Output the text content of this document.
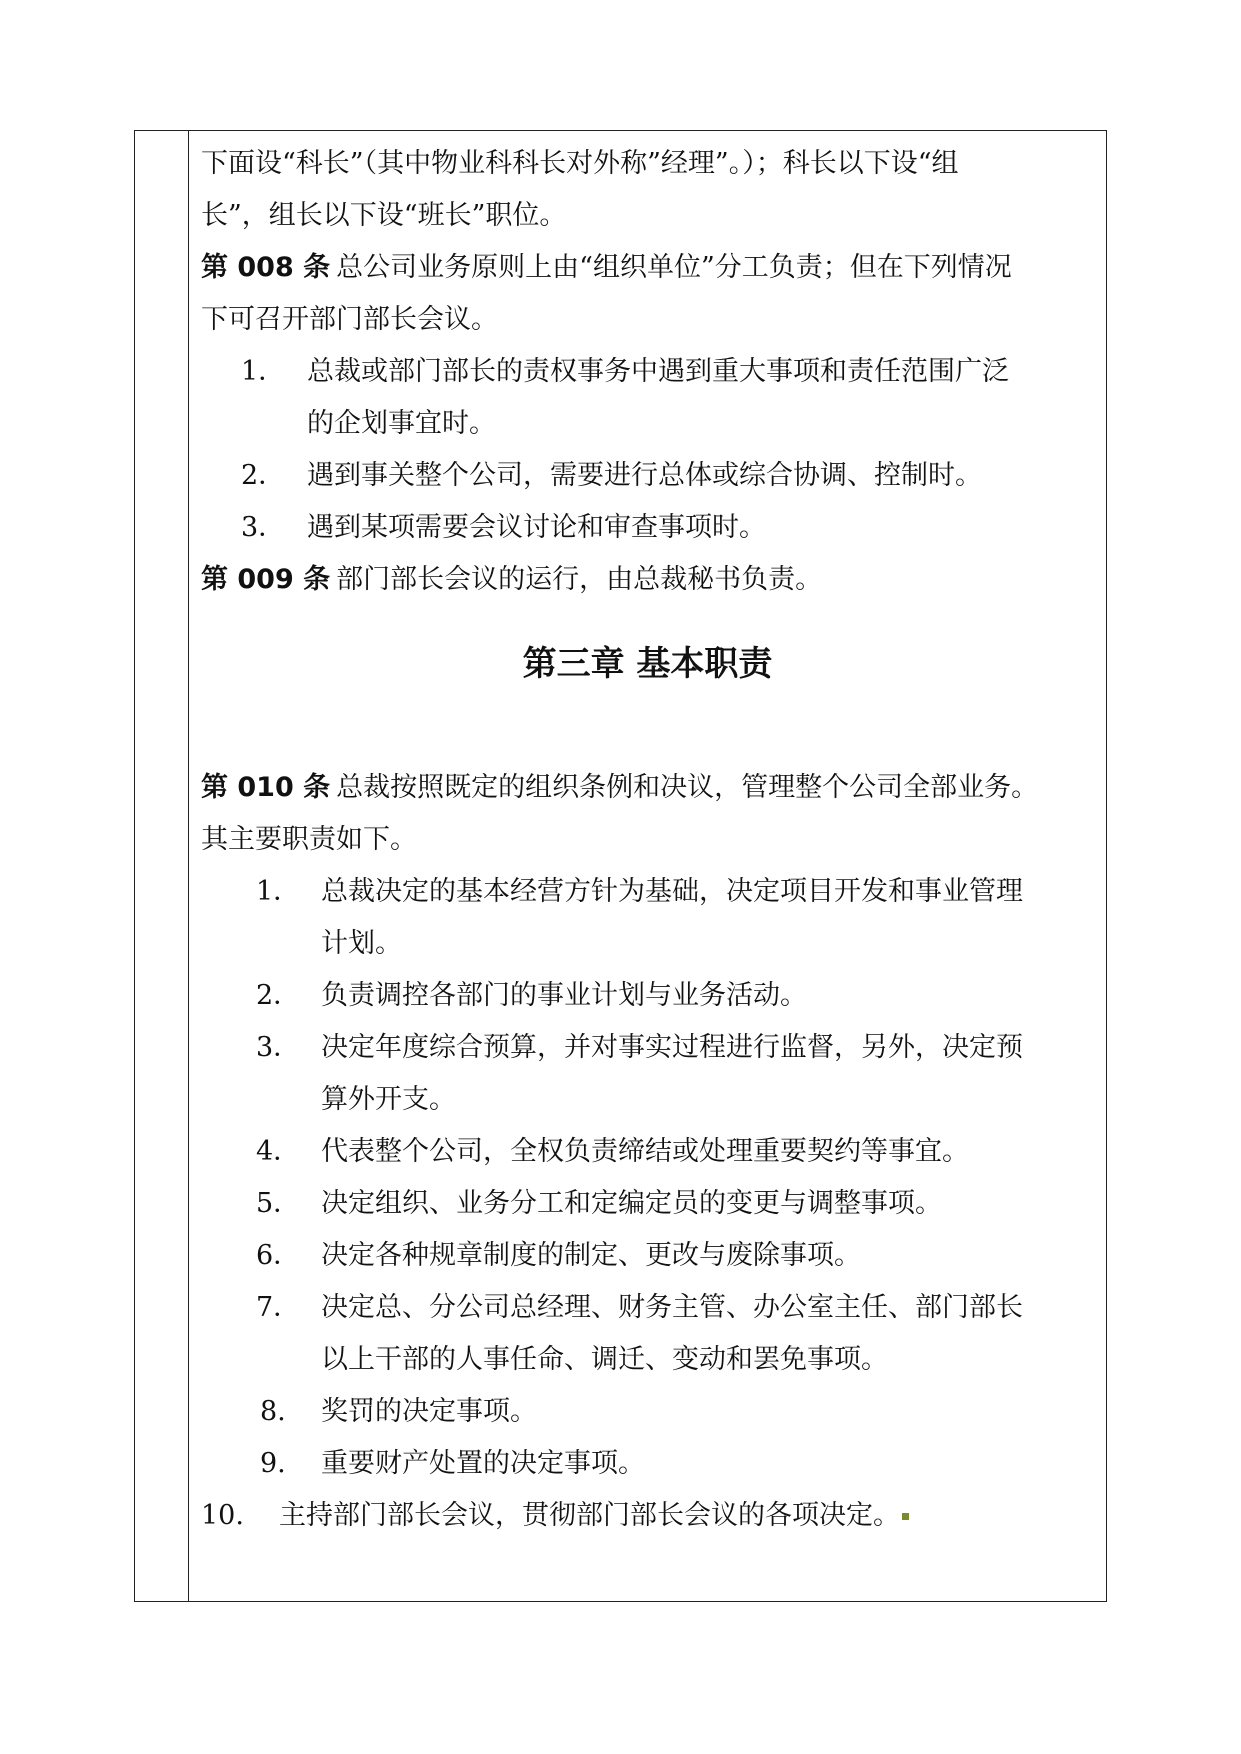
下面设“科长”（其中物业科科长对外称”经理”。）；科长以下设“组
长”，组长以下设“班长”职位。
第 008 条 总公司业务原则上由“组织单位”分工负责；但在下列情况
下可召开部门部长会议。
1． 总裁或部门部长的责权事务中遇到重大事项和责任范围广泛
的企划事宜时。
2． 遇到事关整个公司，需要进行总体或综合协调、控制时。
3． 遇到某项需要会议讨论和审查事项时。
第 009 条 部门部长会议的运行，由总裁秘书负责。
第三章 基本职责
第 010 条 总裁按照既定的组织条例和决议，管理整个公司全部业务。
其主要职责如下。
1． 总裁决定的基本经营方针为基础，决定项目开发和事业管理
计划。
2． 负责调控各部门的事业计划与业务活动。
3． 决定年度综合预算，并对事实过程进行监督，另外，决定预
算外开支。
4． 代表整个公司，全权负责缔结或处理重要契约等事宜。
5． 决定组织、业务分工和定编定员的变更与调整事项。
6． 决定各种规章制度的制定、更改与废除事项。
7． 决定总、分公司总经理、财务主管、办公室主任、部门部长
以上干部的人事任命、调迁、变动和罢免事项。
8. 奖罚的决定事项。
9. 重要财产处置的决定事项。
10. 主持部门部长会议，贯彻部门部长会议的各项决定。
